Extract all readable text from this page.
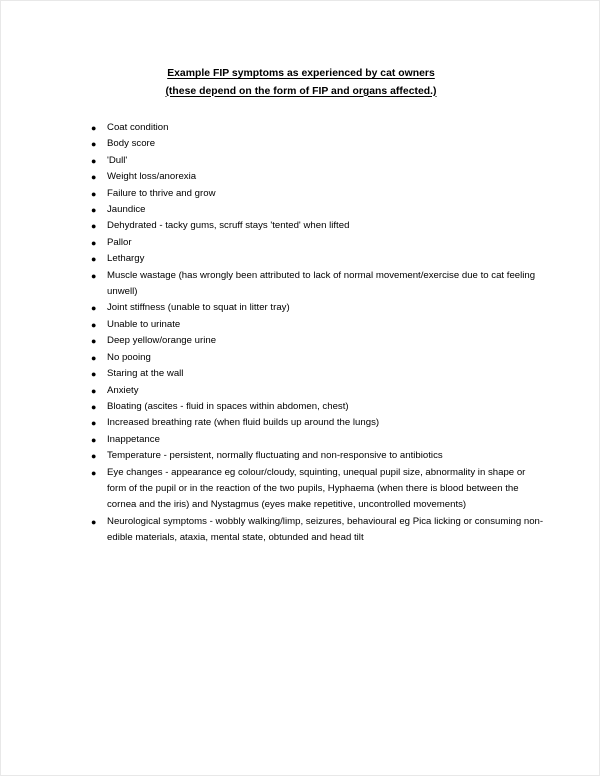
Example FIP symptoms as experienced by cat owners
(these depend on the form of FIP and organs affected.)
●	Coat condition
●	Body score
●	'Dull'
●	Weight loss/anorexia
●	Failure to thrive and grow
●	Jaundice
●	Dehydrated - tacky gums, scruff stays 'tented' when lifted
●	Pallor
●	Lethargy
●	Muscle wastage (has wrongly been attributed to lack of normal movement/exercise due to cat feeling unwell)
●	Joint stiffness (unable to squat in litter tray)
●	Unable to urinate
●	Deep yellow/orange urine
●	No pooing
●	Staring at the wall
●	Anxiety
●	Bloating (ascites - fluid in spaces within abdomen, chest)
●	Increased breathing rate (when fluid builds up around the lungs)
●	Inappetance
●	Temperature - persistent, normally fluctuating and non-responsive to antibiotics
●	Eye changes - appearance eg colour/cloudy, squinting, unequal pupil size, abnormality in shape or form of the pupil or in the reaction of the two pupils, Hyphaema (when there is blood between the cornea and the iris) and Nystagmus (eyes make repetitive, uncontrolled movements)
●	Neurological symptoms - wobbly walking/limp, seizures, behavioural eg Pica licking or consuming non-edible materials, ataxia, mental state, obtunded and head tilt
